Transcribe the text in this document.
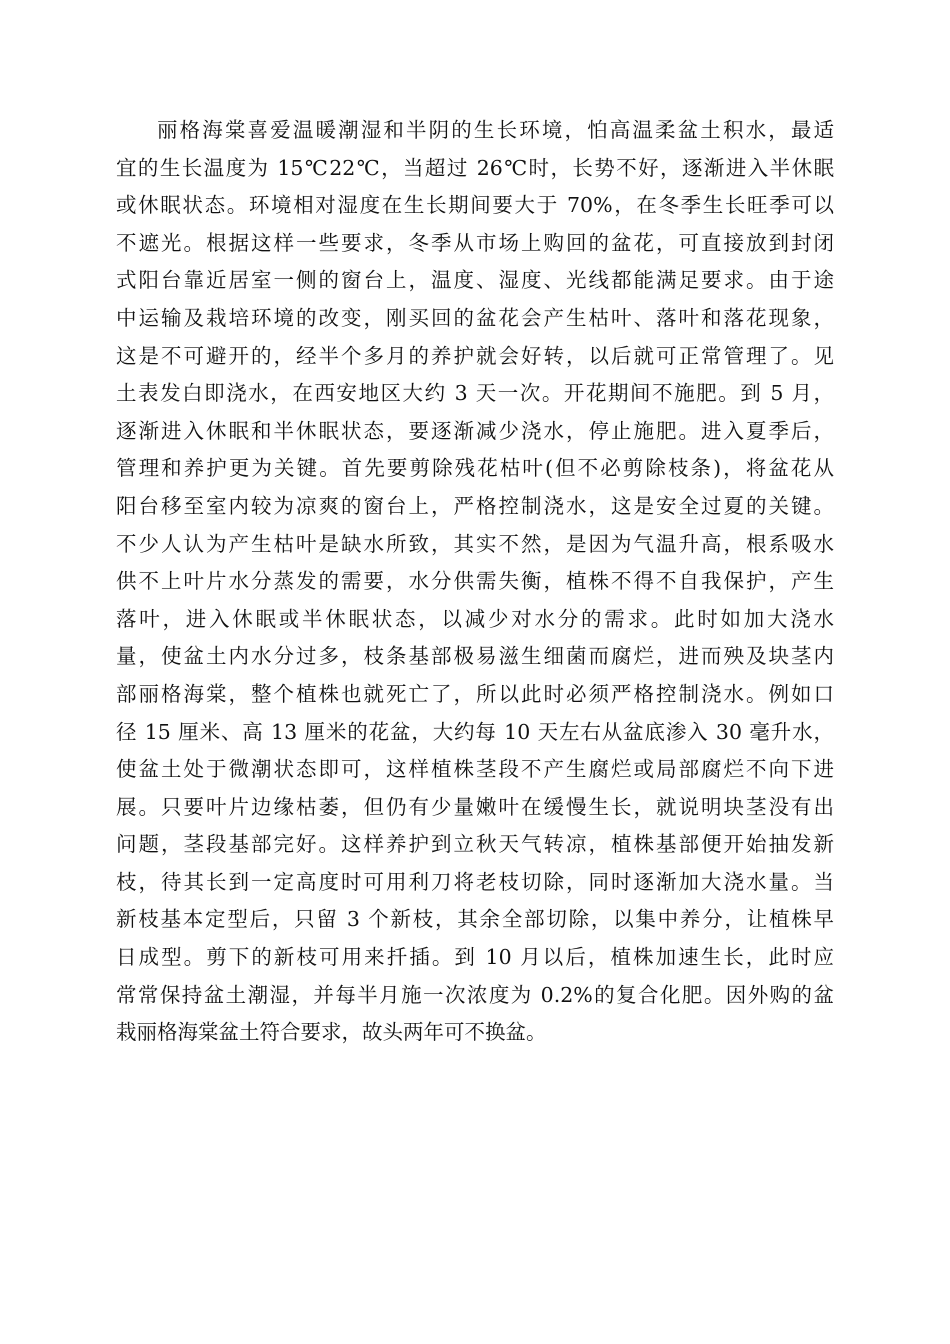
丽格海棠喜爱温暖潮湿和半阴的生长环境，怕高温柔盆土积水，最适
宜的生长温度为 15℃22℃，当超过 26℃时，长势不好，逐渐进入半休眠
或休眠状态。环境相对湿度在生长期间要大于 70%，在冬季生长旺季可以
不遮光。根据这样一些要求，冬季从市场上购回的盆花，可直接放到封闭
式阳台靠近居室一侧的窗台上，温度、湿度、光线都能满足要求。由于途
中运输及栽培环境的改变，刚买回的盆花会产生枯叶、落叶和落花现象，
这是不可避开的，经半个多月的养护就会好转，以后就可正常管理了。见
土表发白即浇水，在西安地区大约 3 天一次。开花期间不施肥。到 5 月，
逐渐进入休眠和半休眠状态，要逐渐减少浇水，停止施肥。进入夏季后，
管理和养护更为关键。首先要剪除残花枯叶(但不必剪除枝条)，将盆花从
阳台移至室内较为凉爽的窗台上，严格控制浇水，这是安全过夏的关键。
不少人认为产生枯叶是缺水所致，其实不然，是因为气温升高，根系吸水
供不上叶片水分蒸发的需要，水分供需失衡，植株不得不自我保护，产生
落叶，进入休眠或半休眠状态，以减少对水分的需求。此时如加大浇水
量，使盆土内水分过多，枝条基部极易滋生细菌而腐烂，进而殃及块茎内
部丽格海棠，整个植株也就死亡了，所以此时必须严格控制浇水。例如口
径 15 厘米、高 13 厘米的花盆，大约每 10 天左右从盆底渗入 30 毫升水，
使盆土处于微潮状态即可，这样植株茎段不产生腐烂或局部腐烂不向下进
展。只要叶片边缘枯萎，但仍有少量嫩叶在缓慢生长，就说明块茎没有出
问题，茎段基部完好。这样养护到立秋天气转凉，植株基部便开始抽发新
枝，待其长到一定高度时可用利刀将老枝切除，同时逐渐加大浇水量。当
新枝基本定型后，只留 3 个新枝，其余全部切除，以集中养分，让植株早
日成型。剪下的新枝可用来扦插。到 10 月以后，植株加速生长，此时应
常常保持盆土潮湿，并每半月施一次浓度为 0.2%的复合化肥。因外购的盆
栽丽格海棠盆土符合要求，故头两年可不换盆。
